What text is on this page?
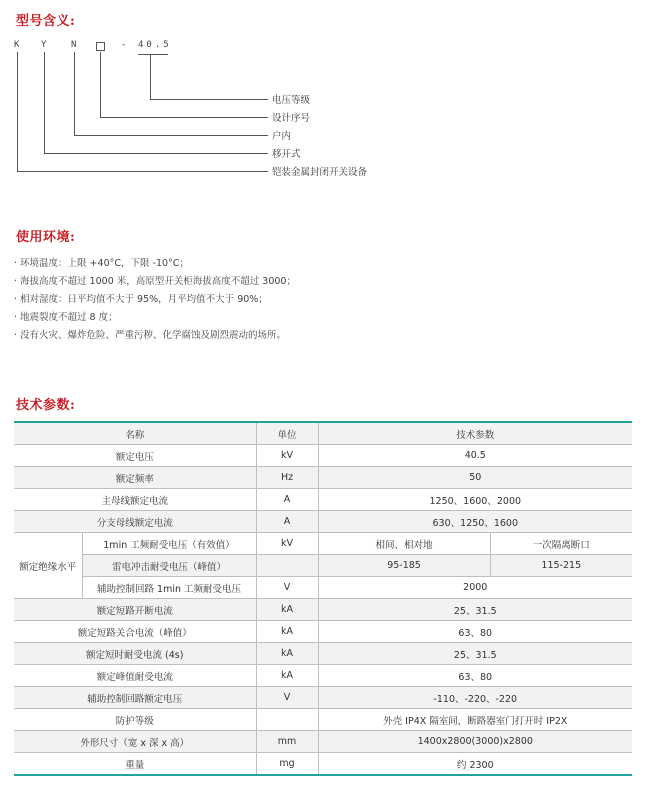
型号含义:
K Y	N	- 40.5
电压等级
设计序号
户内
移开式
铠装金属封闭开关设备
使用环境:
· 环境温度：上限 +40°C，下限 -10°C；
· 海拔高度不超过 1000 米，高原型开关柜海拔高度不超过 3000；
· 相对湿度：日平均值不大于 95%，月平均值不大于 90%；
· 地震裂度不超过 8 度；
· 没有火灾、爆炸危险、严重污秽、化学腐蚀及剧烈震动的场所。
技术参数:
名称		单位	技术参数	
额定电压		kV	40.5	
额定频率		Hz	50	
主母线额定电流		A	1250、1600、2000	
分支母线额定电流		A	630、1250、1600	
额定绝缘水平	1min 工频耐受电压（有效值）	kV	相间、相对地	一次隔离断口
	雷电冲击耐受电压（峰值）		95-185	115-215
	辅助控制回路 1min 工频耐受电压	V	2000	
额定短路开断电流		kA	25、31.5	
额定短路关合电流（峰值）		kA	63、80	
额定短时耐受电流 (4s)		kA	25、31.5	
额定峰值耐受电流		kA	63、80	
辅助控制回路额定电压		V	-110、-220、-220	
防护等级			外壳 IP4X 隔室间，断路器室门打开时 IP2X	
外形尺寸（宽 x 深 x 高）		mm	1400x2800(3000)x2800	
重量		mg	约 2300	
